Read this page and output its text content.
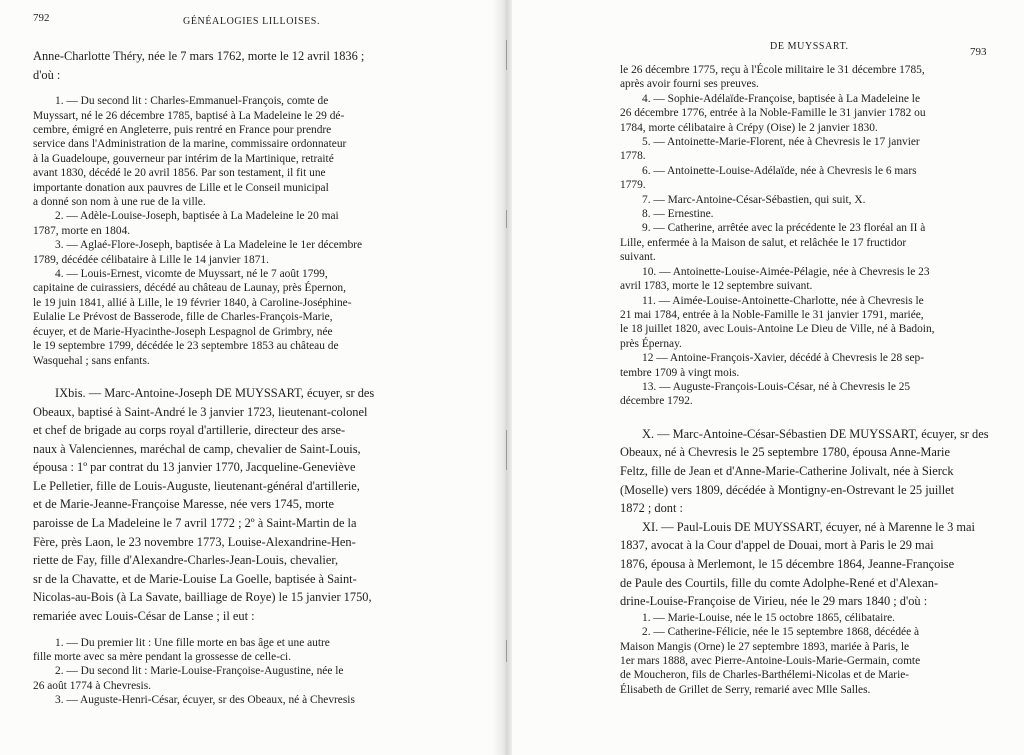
792	GÉNÉALOGIES LILLOISES.
Anne-Charlotte Théry, née le 7 mars 1762, morte le 12 avril 1836 ;
d'où :
1. — Du second lit : Charles-Emmanuel-François, comte de
Muyssart, né le 26 décembre 1785, baptisé à La Madeleine le 29 dé-
cembre, émigré en Angleterre, puis rentré en France pour prendre
service dans l'Administration de la marine, commissaire ordonnateur
à la Guadeloupe, gouverneur par intérim de la Martinique, retraité
avant 1830, décédé le 20 avril 1856. Par son testament, il fit une
importante donation aux pauvres de Lille et le Conseil municipal
a donné son nom à une rue de la ville.
2. — Adèle-Louise-Joseph, baptisée à La Madeleine le 20 mai
1787, morte en 1804.
3. — Aglaé-Flore-Joseph, baptisée à La Madeleine le 1er décembre
1789, décédée célibataire à Lille le 14 janvier 1871.
4. — Louis-Ernest, vicomte de Muyssart, né le 7 août 1799,
capitaine de cuirassiers, décédé au château de Launay, près Épernon,
le 19 juin 1841, allié à Lille, le 19 février 1840, à Caroline-Joséphine-
Eulalie Le Prévost de Basserode, fille de Charles-François-Marie,
écuyer, et de Marie-Hyacinthe-Joseph Lespagnol de Grimbry, née
le 19 septembre 1799, décédée le 23 septembre 1853 au château de
Wasquehal ; sans enfants.
IXbis. — Marc-Antoine-Joseph DE MUYSSART, écuyer, sr des
Obeaux, baptisé à Saint-André le 3 janvier 1723, lieutenant-colonel
et chef de brigade au corps royal d'artillerie, directeur des arse-
naux à Valenciennes, maréchal de camp, chevalier de Saint-Louis,
épousa : 1º par contrat du 13 janvier 1770, Jacqueline-Geneviève
Le Pelletier, fille de Louis-Auguste, lieutenant-général d'artillerie,
et de Marie-Jeanne-Françoise Maresse, née vers 1745, morte
paroisse de La Madeleine le 7 avril 1772 ; 2º à Saint-Martin de la
Fère, près Laon, le 23 novembre 1773, Louise-Alexandrine-Hen-
riette de Fay, fille d'Alexandre-Charles-Jean-Louis, chevalier,
sr de la Chavatte, et de Marie-Louise La Goelle, baptisée à Saint-
Nicolas-au-Bois (à La Savate, bailliage de Roye) le 15 janvier 1750,
remariée avec Louis-César de Lanse ; il eut :
1. — Du premier lit : Une fille morte en bas âge et une autre
fille morte avec sa mère pendant la grossesse de celle-ci.
2. — Du second lit : Marie-Louise-Françoise-Augustine, née le
26 août 1774 à Chevresis.
3. — Auguste-Henri-César, écuyer, sr des Obeaux, né à Chevresis
DE MUYSSART.	793
le 26 décembre 1775, reçu à l'École militaire le 31 décembre 1785,
après avoir fourni ses preuves.
4. — Sophie-Adélaïde-Françoise, baptisée à La Madeleine le
26 décembre 1776, entrée à la Noble-Famille le 31 janvier 1782 ou
1784, morte célibataire à Crépy (Oise) le 2 janvier 1830.
5. — Antoinette-Marie-Florent, née à Chevresis le 17 janvier
1778.
6. — Antoinette-Louise-Adélaïde, née à Chevresis le 6 mars
1779.
7. — Marc-Antoine-César-Sébastien, qui suit, X.
8. — Ernestine.
9. — Catherine, arrêtée avec la précédente le 23 floréal an II à
Lille, enfermée à la Maison de salut, et relâchée le 17 fructidor
suivant.
10. — Antoinette-Louise-Aimée-Pélagie, née à Chevresis le 23
avril 1783, morte le 12 septembre suivant.
11. — Aimée-Louise-Antoinette-Charlotte, née à Chevresis le
21 mai 1784, entrée à la Noble-Famille le 31 janvier 1791, mariée,
le 18 juillet 1820, avec Louis-Antoine Le Dieu de Ville, né à Badoin,
près Épernay.
12 — Antoine-François-Xavier, décédé à Chevresis le 28 sep-
tembre 1709 à vingt mois.
13. — Auguste-François-Louis-César, né à Chevresis le 25
décembre 1792.
X. — Marc-Antoine-César-Sébastien DE MUYSSART, écuyer, sr des
Obeaux, né à Chevresis le 25 septembre 1780, épousa Anne-Marie
Feltz, fille de Jean et d'Anne-Marie-Catherine Jolivalt, née à Sierck
(Moselle) vers 1809, décédée à Montigny-en-Ostrevant le 25 juillet
1872 ; dont :
XI. — Paul-Louis DE MUYSSART, écuyer, né à Marenne le 3 mai
1837, avocat à la Cour d'appel de Douai, mort à Paris le 29 mai
1876, épousa à Merlemont, le 15 décembre 1864, Jeanne-Françoise
de Paule des Courtils, fille du comte Adolphe-René et d'Alexan-
drine-Louise-Françoise de Virieu, née le 29 mars 1840 ; d'où :
1. — Marie-Louise, née le 15 octobre 1865, célibataire.
2. — Catherine-Félicie, née le 15 septembre 1868, décédée à
Maison Mangis (Orne) le 27 septembre 1893, mariée à Paris, le
1er mars 1888, avec Pierre-Antoine-Louis-Marie-Germain, comte
de Moucheron, fils de Charles-Barthélemi-Nicolas et de Marie-
Élisabeth de Grillet de Serry, remarié avec Mlle Salles.
